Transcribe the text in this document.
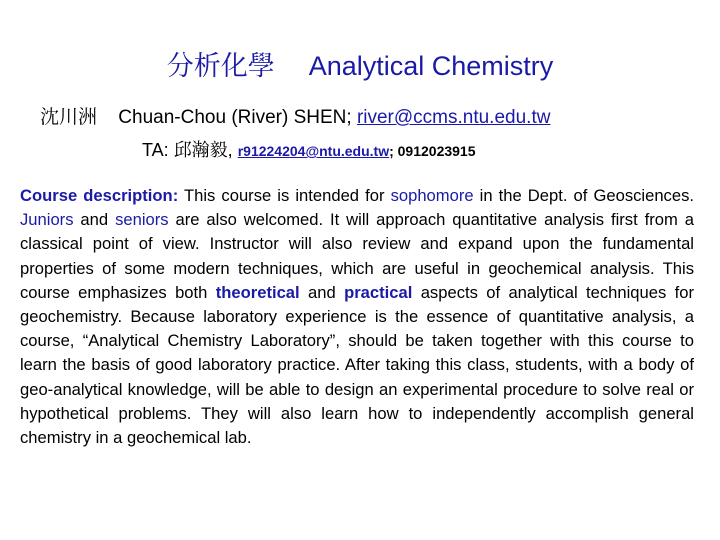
分析化學 Analytical Chemistry
沈川洲 Chuan-Chou (River) SHEN; river@ccms.ntu.edu.tw
TA: 邱瀚毅, r91224204@ntu.edu.tw; 0912023915
Course description: This course is intended for sophomore in the Dept. of Geosciences. Juniors and seniors are also welcomed. It will approach quantitative analysis first from a classical point of view. Instructor will also review and expand upon the fundamental properties of some modern techniques, which are useful in geochemical analysis. This course emphasizes both theoretical and practical aspects of analytical techniques for geochemistry. Because laboratory experience is the essence of quantitative analysis, a course, “Analytical Chemistry Laboratory”, should be taken together with this course to learn the basis of good laboratory practice. After taking this class, students, with a body of geo-analytical knowledge, will be able to design an experimental procedure to solve real or hypothetical problems. They will also learn how to independently accomplish general chemistry in a geochemical lab.
